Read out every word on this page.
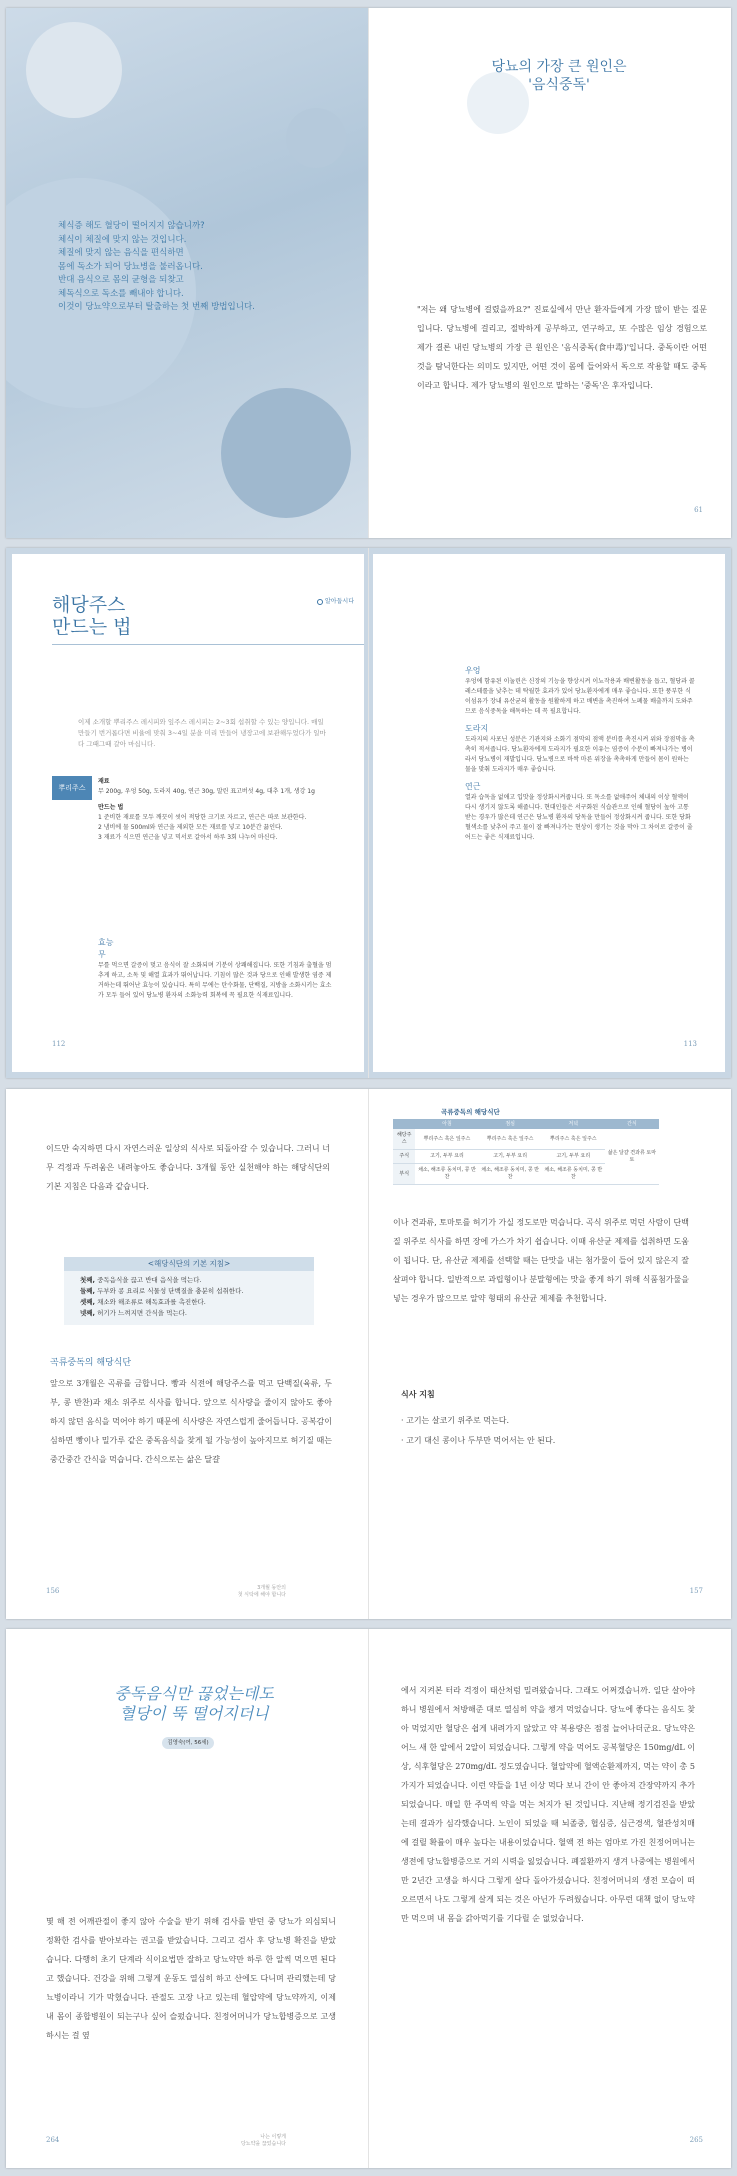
체식증 해도 혈당이 떨어지지 않습니까?
체식이 체질에 맞지 않는 것입니다.
체질에 맞지 않는 음식을 편식하면
몸에 독소가 되어 당뇨병을 불러옵니다.
반대 음식으로 몸의 균형을 되찾고
체독식으로 독소를 빼내야 합니다.
이것이 당뇨약으로부터 탈출하는 첫 번째 방법입니다.
당뇨의 가장 큰 원인은
'음식중독'

"저는 왜 당뇨병에 걸렸을까요?" 진료실에서 만난 환자들에게 가장 많이 받는 질문입니다. 당뇨병에 걸리고, 절박하게 공부하고, 연구하고, 또 수많은 임상 경험으로 제가 결론 내린 당뇨병의 가장 큰 원인은 '음식중독(食中毒)'입니다. 중독이란 어떤 것을 탐닉한다는 의미도 있지만, 어떤 것이 몸에 들어와서 독으로 작용할 때도 중독이라고 합니다. 제가 당뇨병의 원인으로 말하는 '중독'은 후자입니다.

61
알아둡시다
해당주스
만드는 법

이제 소개할 뿌리주스 레시피와 잎주스 레시피는 2~3회 섭취할 수 있는 양입니다. 매일 만들기 번거롭다면 비율에 맞춰 3~4일 분을 미리 만들어 냉장고에 보관해두었다가 일마다 그때그때 갈아 마십니다.

뿌리주스
재료
무 200g, 우엉 50g, 도라지 40g, 연근 30g, 말린 표고버섯 4g, 대추 1개, 생강 1g
만드는 법
1 준비한 재료를 모두 깨끗이 씻어 적당한 크기로 자르고, 연근은 따로 보관한다.
2 냄비에 물 500ml와 연근을 제외한 모든 재료를 넣고 10분간 끓인다.
3 재료가 식으면 연근을 넣고 믹서로 갈아서 하루 3회 나누어 마신다.
효능
무
무를 먹으면 갈증이 멎고 음식이 잘 소화되며 기분이 상쾌해집니다. 또한 기침과 출혈을 멈추게 하고, 소독 및 해열 효과가 뛰어납니다. 기침이 많은 것과 당으로 인해 발생한 염증 제거하는데 뛰어난 효능이 있습니다. 특히 무에는 탄수화물, 단백질, 지방을 소화시키는 효소가 모두 들어 있어 당뇨병 환자의 소화능력 회복에 꼭 필요한 식재료입니다.
112
우엉
우엉에 함유된 이눌린은 신장의 기능을 향상시켜 이뇨작용과 배변활동을 돕고, 혈당과 콜레스테롤을 낮추는 데 탁월한 효과가 있어 당뇨환자에게 매우 좋습니다. 또한 풍부한 식이섬유가 장내 유산균의 활동을 원활하게 하고 배변을 촉진하여 노폐물 배출까지 도와주므로 음식중독을 해독하는 데 꼭 필요합니다.
도라지
도라지의 사포닌 성분은 기관지와 소화기 점막의 점액 분비를 촉진시켜 위와 장점막을 촉촉히 적셔줍니다. 당뇨환자에게 도라지가 필요한 이유는 염증이 수분이 빠져나가는 병이라서 당뇨병이 재발입니다. 당뇨병으로 바싹 마른 위장을 촉촉하게 만들어 몸이 원하는 물을 맞춰 도라지가 매우 좋습니다.
연근
열과 습독을 없애고 입맛을 정상화시켜줍니다. 또 독소를 없애주어 체내의 이상 혈액이 다시 생기지 않도록 해줍니다. 현대인들은 서구화된 식습관으로 인해 혈당이 높아 고통 받는 경우가 많은데 연근은 당뇨병 환자의 당독을 만들어 정상화시켜 줍니다. 또한 당화혈색소를 낮추어 주고 물이 잘 빠져나가는 현상이 생기는 것을 막아 그 차이로 갈증이 줄어드는 좋은 식재료입니다.
113

이드만 숙지하면 다시 자연스러운 일상의 식사로 되돌아갈 수 있습니다. 그러니 너무 걱정과 두려움은 내려놓아도 좋습니다. 3개월 동안 실천해야 하는 해당식단의 기본 지침은 다음과 같습니다.

<해당식단의 기본 지침>
첫째, 중독음식을 끊고 반대 음식을 먹는다.
둘째, 두부와 콩 요리로 식물성 단백질을 충분히 섭취한다.
셋째, 채소와 해조류로 해독효과를 촉진한다.
넷째, 허기가 느껴지면 간식을 먹는다.
곡류중독의 해당식단

앞으로 3개월은 곡류를 금합니다. 빵과 식전에 해당주스를 먹고 단백질(육류, 두부, 콩 반찬)과 채소 위주로 식사를 합니다. 앞으로 식사량을 줄이지 않아도 좋아하지 않던 음식을 먹어야 하기 때문에 식사량은 자연스럽게 줄어듭니다. 공복감이 심하면 빵이나 밀가루 같은 중독음식을 찾게 될 가능성이 높아지므로 허기질 때는 중간중간 간식을 먹습니다. 간식으로는 삶은 달걀

156	3개월 동안의
첫 식탁에 해야 합니다
곡류중독의 해당식단
	아침	점심	저녁	간식
해당주스	뿌리주스 혹은 잎주스	뿌리주스 혹은 잎주스	뿌리주스 혹은 잎주스	삶은 달걀 견과류 토마토
주식	고기, 두부 요리	고기, 두부 요리	고기, 두부 요리	
부식	채소, 해조류 동치미, 콩 반찬	채소, 해조류 동치미, 콩 반찬	채소, 해조류 동치미, 콩 반찬	

이나 견과류, 토마토를 허기가 가실 정도로만 먹습니다. 곡식 위주로 먹던 사람이 단백질 위주로 식사를 하면 장에 가스가 차기 쉽습니다. 이때 유산균 제제를 섭취하면 도움이 됩니다. 단, 유산균 제제를 선택할 때는 단맛을 내는 첨가물이 들어 있지 않은지 잘 살펴야 합니다. 일반적으로 과립형이나 분말형에는 맛을 좋게 하기 위해 식품첨가물을 넣는 경우가 많으므로 알약 형태의 유산균 제제를 추천합니다.

식사 지침
· 고기는 살코기 위주로 먹는다.
· 고기 대신 콩이나 두부만 먹어서는 안 된다.
157
중독음식만 끊었는데도
혈당이 뚝 떨어지더니
김영숙(여, 56세)

몇 해 전 어깨관절이 좋지 않아 수술을 받기 위해 검사를 받던 중 당뇨가 의심되니 정확한 검사를 받아보라는 권고를 받았습니다. 그리고 검사 후 당뇨병 확진을 받았습니다. 다행히 초기 단계라 식이요법만 잘하고 당뇨약만 하루 한 알씩 먹으면 된다고 했습니다. 건강을 위해 그렇게 운동도 열심히 하고 산에도 다니며 관리했는데 당뇨병이라니 기가 막혔습니다. 관절도 고장 나고 있는데 혈압약에 당뇨약까지, 이제 내 몸이 종합병원이 되는구나 싶어 슬펐습니다. 친정어머니가 당뇨합병증으로 고생하시는 걸 옆

264	나는 이렇게
당뇨약을 끊었습니다

에서 지켜본 터라 걱정이 태산처럼 밀려왔습니다. 그래도 어쩌겠습니까. 일단 살아야 하니 병원에서 처방해준 대로 열심히 약을 챙겨 먹었습니다. 당뇨에 좋다는 음식도 찾아 먹었지만 혈당은 쉽게 내려가지 않았고 약 복용량은 점점 늘어나더군요. 당뇨약은 어느 새 한 알에서 2알이 되었습니다. 그렇게 약을 먹어도 공복혈당은 150mg/dL 이상, 식후혈당은 270mg/dL 정도였습니다. 혈압약에 혈액순환제까지, 먹는 약이 총 5가지가 되었습니다. 이런 약들을 1년 이상 먹다 보니 간이 안 좋아져 간장약까지 추가되었습니다. 매일 한 주먹씩 약을 먹는 처지가 된 것입니다. 지난해 정기검진을 받았는데 결과가 심각했습니다. 노인이 되었을 때 뇌졸중, 협심증, 심근경색, 혈관성치매에 걸릴 확률이 매우 높다는 내용이었습니다. 혈액 전 하는 엄마로 가진 친정어머니는 생전에 당뇨합병증으로 거의 시력을 잃었습니다. 폐질환까지 생겨 나중에는 병원에서만 2년간 고생을 하시다 그렇게 살다 돌아가셨습니다. 친정어머니의 생전 모습이 떠오르면서 나도 그렇게 살게 되는 것은 아닌가 두려웠습니다. 아무런 대책 없이 당뇨약만 먹으며 내 몸을 갉아먹기를 기다릴 순 없었습니다.

265
